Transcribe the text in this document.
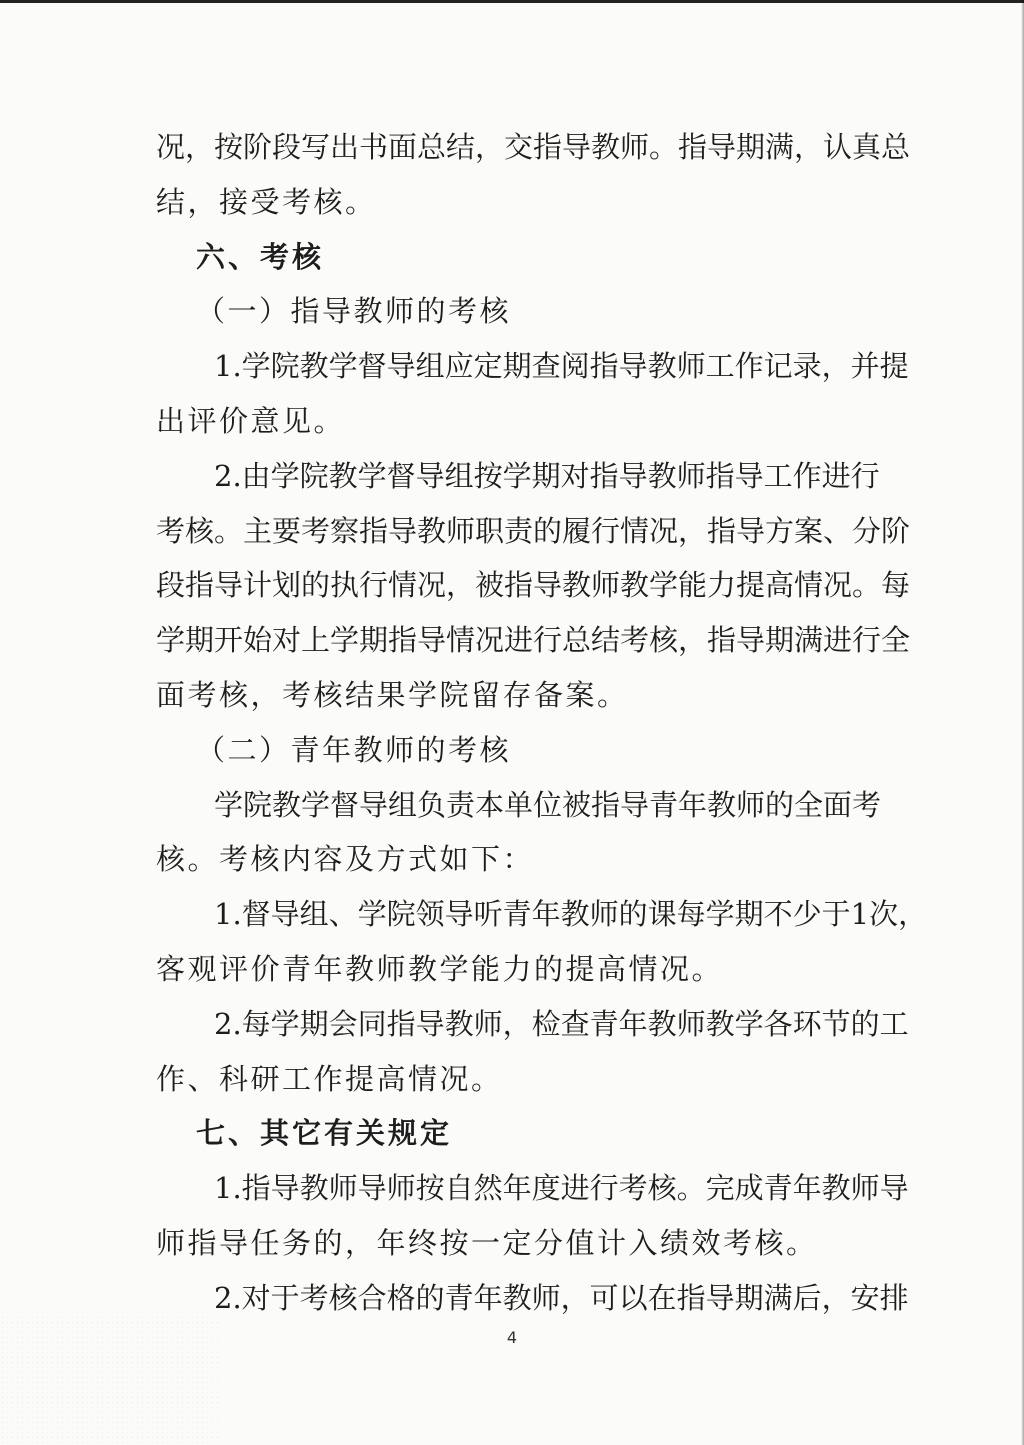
况，按阶段写出书面总结，交指导教师。指导期满，认真总
结，接受考核。
六、考核
（一）指导教师的考核
1.学院教学督导组应定期查阅指导教师工作记录，并提
出评价意见。
2.由学院教学督导组按学期对指导教师指导工作进行
考核。主要考察指导教师职责的履行情况，指导方案、分阶
段指导计划的执行情况，被指导教师教学能力提高情况。每
学期开始对上学期指导情况进行总结考核，指导期满进行全
面考核，考核结果学院留存备案。
（二）青年教师的考核
学院教学督导组负责本单位被指导青年教师的全面考
核。考核内容及方式如下：
1.督导组、学院领导听青年教师的课每学期不少于1次，
客观评价青年教师教学能力的提高情况。
2.每学期会同指导教师，检查青年教师教学各环节的工
作、科研工作提高情况。
七、其它有关规定
1.指导教师导师按自然年度进行考核。完成青年教师导
师指导任务的，年终按一定分值计入绩效考核。
2.对于考核合格的青年教师，可以在指导期满后，安排
4
